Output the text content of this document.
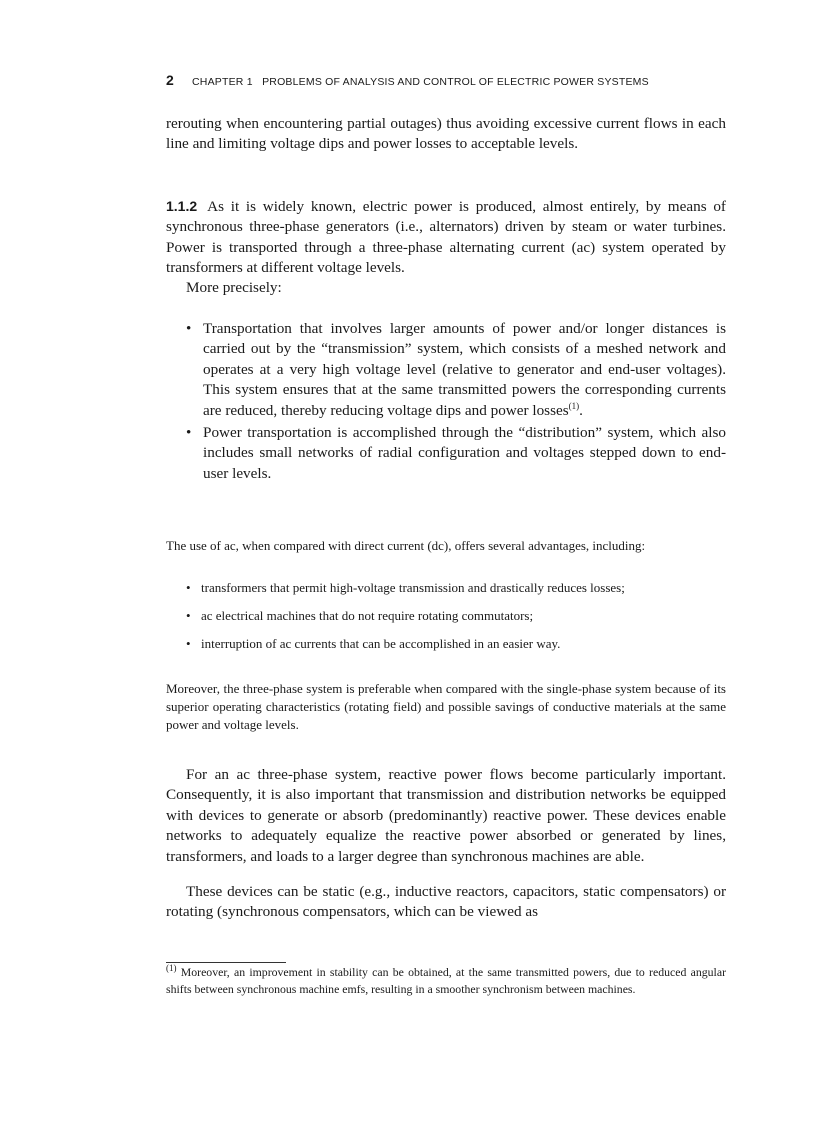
2 CHAPTER 1   PROBLEMS OF ANALYSIS AND CONTROL OF ELECTRIC POWER SYSTEMS
rerouting when encountering partial outages) thus avoiding excessive current flows in each line and limiting voltage dips and power losses to acceptable levels.
1.1.2 As it is widely known, electric power is produced, almost entirely, by means of synchronous three-phase generators (i.e., alternators) driven by steam or water turbines. Power is transported through a three-phase alternating current (ac) system operated by transformers at different voltage levels.
More precisely:
• Transportation that involves larger amounts of power and/or longer distances is carried out by the “transmission” system, which consists of a meshed network and operates at a very high voltage level (relative to generator and end-user voltages). This system ensures that at the same transmitted powers the corresponding currents are reduced, thereby reducing voltage dips and power losses$^{(1)}$.
• Power transportation is accomplished through the “distribution” system, which also includes small networks of radial configuration and voltages stepped down to end-user levels.
The use of ac, when compared with direct current (dc), offers several advantages, including:
• transformers that permit high-voltage transmission and drastically reduces losses;
• ac electrical machines that do not require rotating commutators;
• interruption of ac currents that can be accomplished in an easier way.
Moreover, the three-phase system is preferable when compared with the single-phase system because of its superior operating characteristics (rotating field) and possible savings of conductive materials at the same power and voltage levels.
For an ac three-phase system, reactive power flows become particularly important. Consequently, it is also important that transmission and distribution networks be equipped with devices to generate or absorb (predominantly) reactive power. These devices enable networks to adequately equalize the reactive power absorbed or generated by lines, transformers, and loads to a larger degree than synchronous machines are able.
These devices can be static (e.g., inductive reactors, capacitors, static compensators) or rotating (synchronous compensators, which can be viewed as
$^{(1)}$ Moreover, an improvement in stability can be obtained, at the same transmitted powers, due to reduced angular shifts between synchronous machine emfs, resulting in a smoother synchronism between machines.
